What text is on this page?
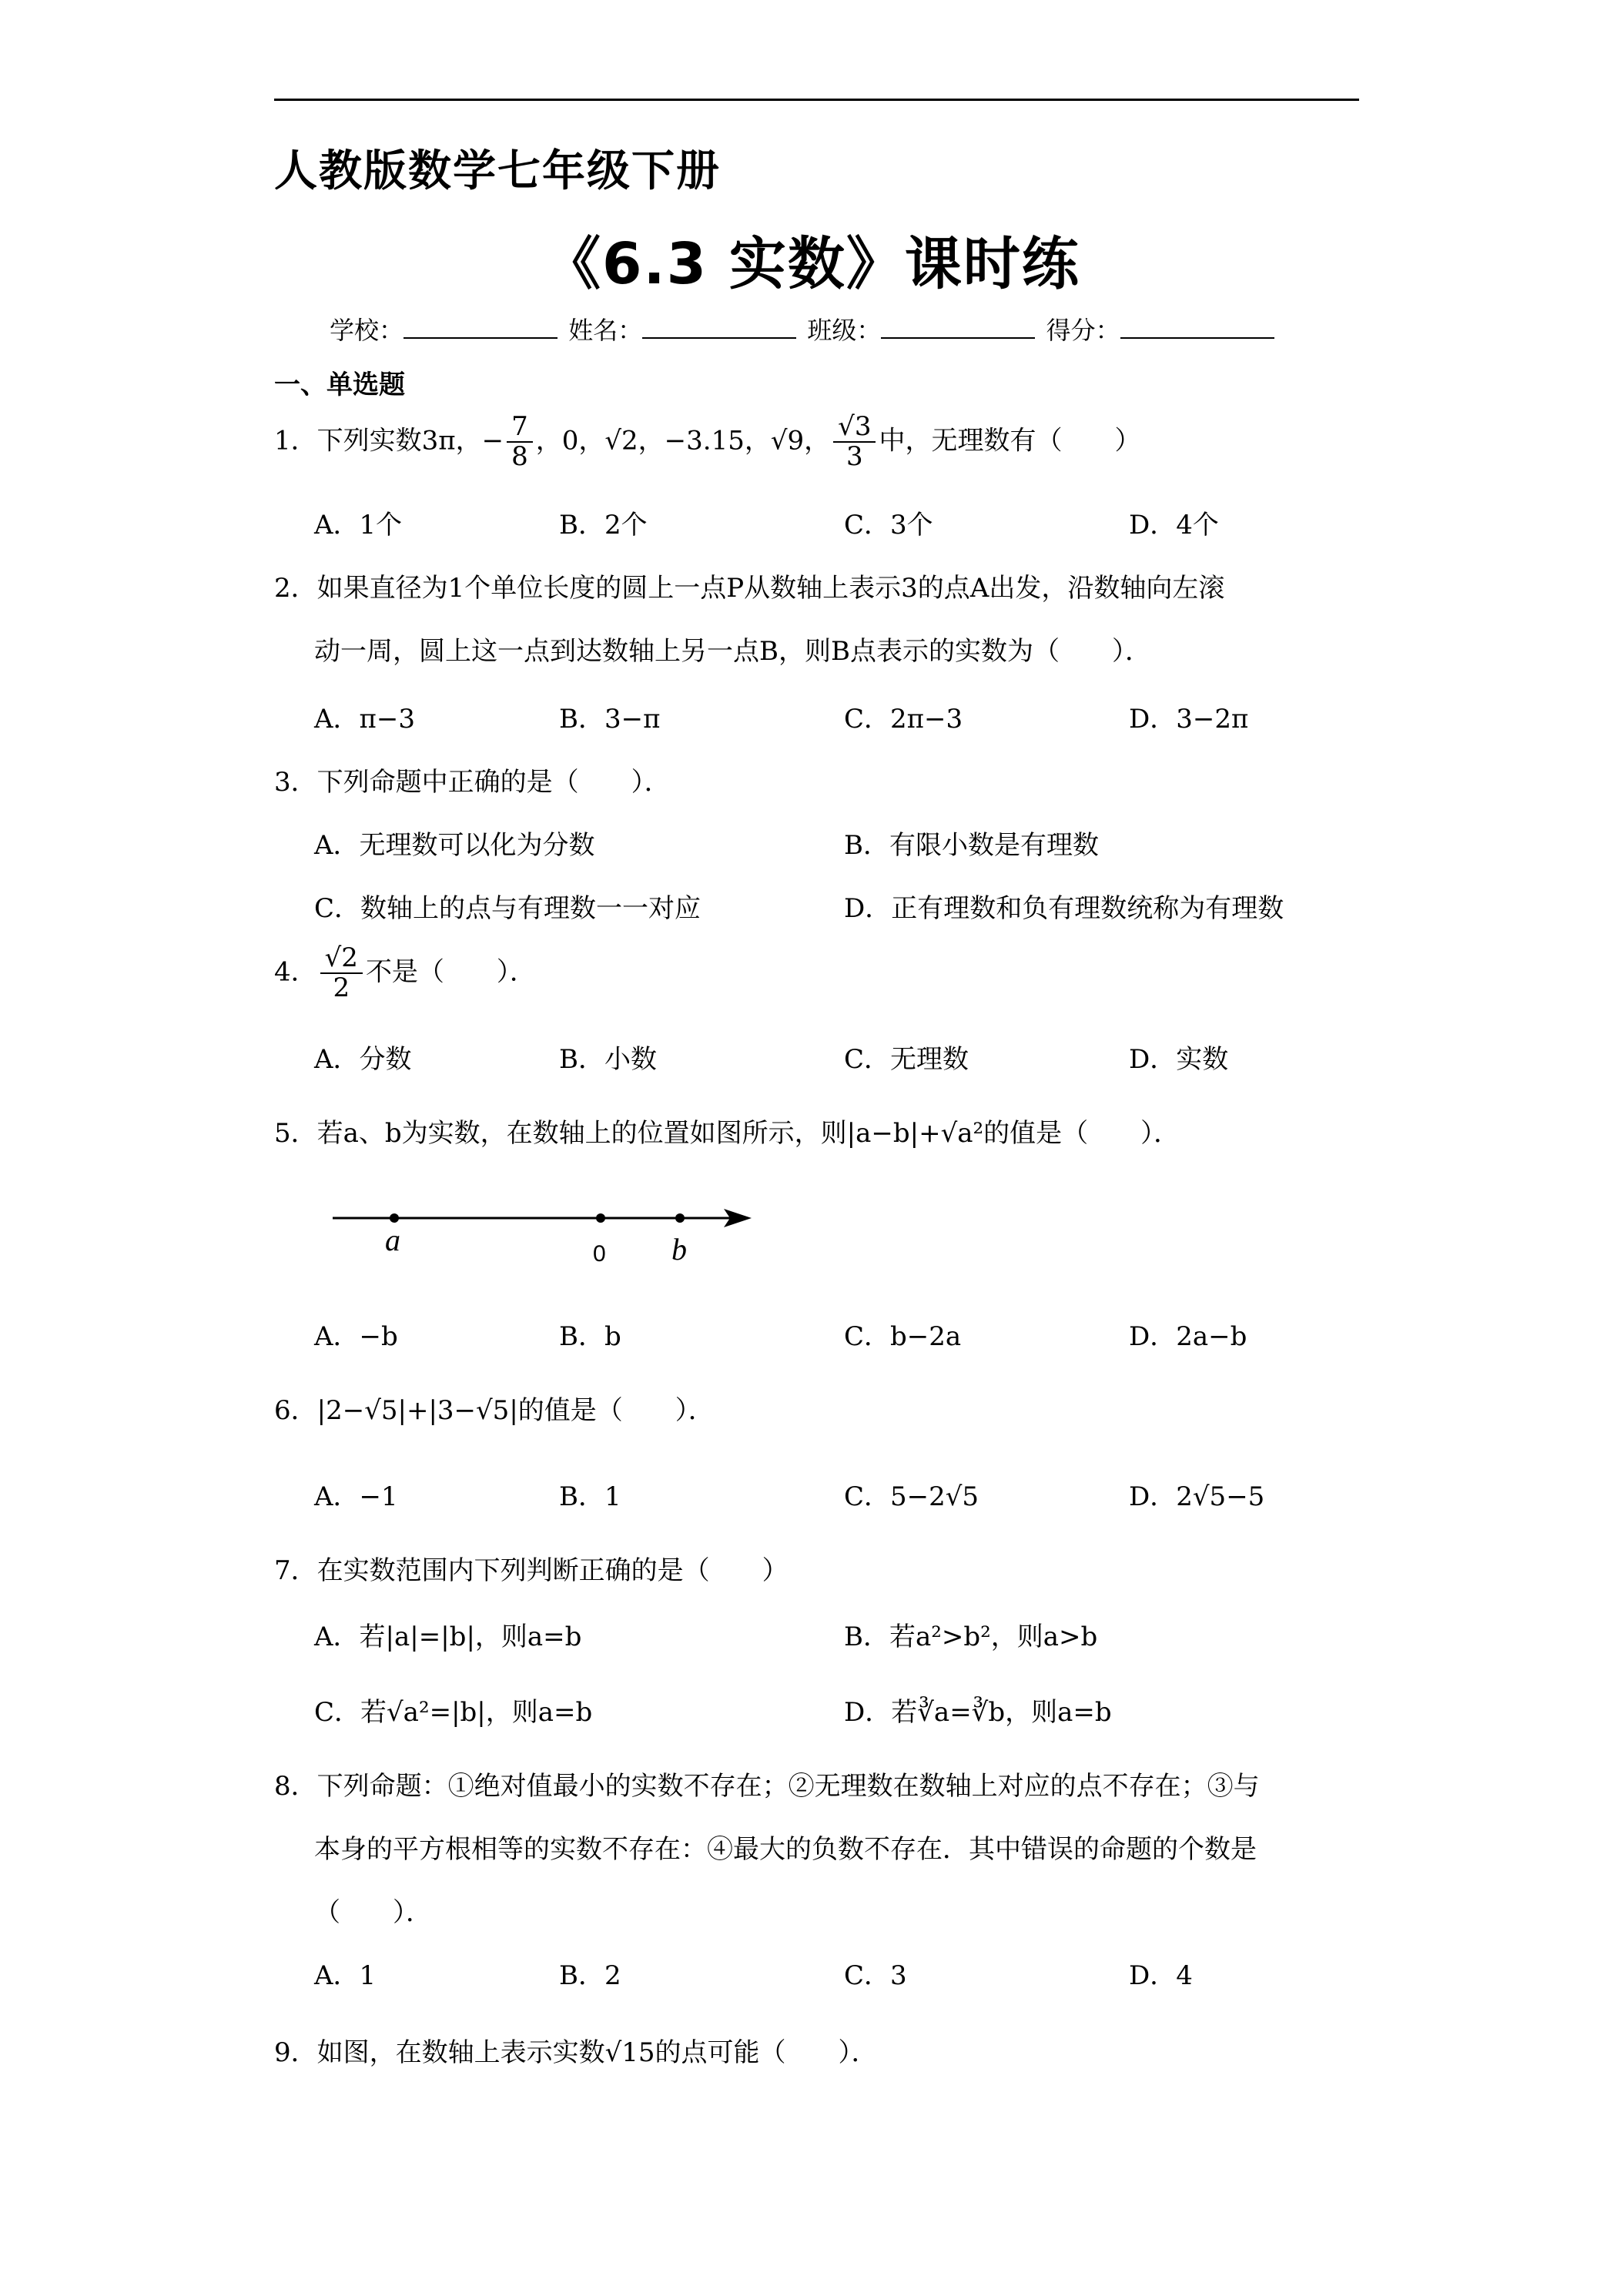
人教版数学七年级下册
《6.3 实数》课时练
学校：	姓名：	班级：	得分：
一、单选题
1．下列实数3π，− $\frac{7}{8}$ ，0，√2，−3.15，√9， $\frac{√3}{3}$ 中，无理数有（　　）
A．1个	B．2个	C．3个	D．4个
2．如果直径为1个单位长度的圆上一点P从数轴上表示3的点A出发，沿数轴向左滚
动一周，圆上这一点到达数轴上另一点B，则B点表示的实数为（　　）．
A．π−3	B．3−π	C．2π−3	D．3−2π
3．下列命题中正确的是（　　）．
A．无理数可以化为分数	B．有限小数是有理数
C．数轴上的点与有理数一一对应	D．正有理数和负有理数统称为有理数
4． $\frac{√2}{2}$ 不是（　　）．
A．分数	B．小数	C．无理数	D．实数
5．若a、b为实数，在数轴上的位置如图所示，则|a−b|+√a²的值是（　　）．
a	0 b
A．−b	B．b	C．b−2a	D．2a−b
6．|2−√5|+|3−√5|的值是（　　）．
A．−1	B．1	C．5−2√5	D．2√5−5
7．在实数范围内下列判断正确的是（　　）
A．若|a|=|b|，则a=b	B．若a²>b²，则a>b
C．若√a²=|b|，则a=b	D．若∛a=∛b，则a=b
8．下列命题：①绝对值最小的实数不存在；②无理数在数轴上对应的点不存在；③与
本身的平方根相等的实数不存在：④最大的负数不存在．其中错误的命题的个数是
（　　）．
A．1	B．2	C．3	D．4
9．如图，在数轴上表示实数√15的点可能（　　）．
